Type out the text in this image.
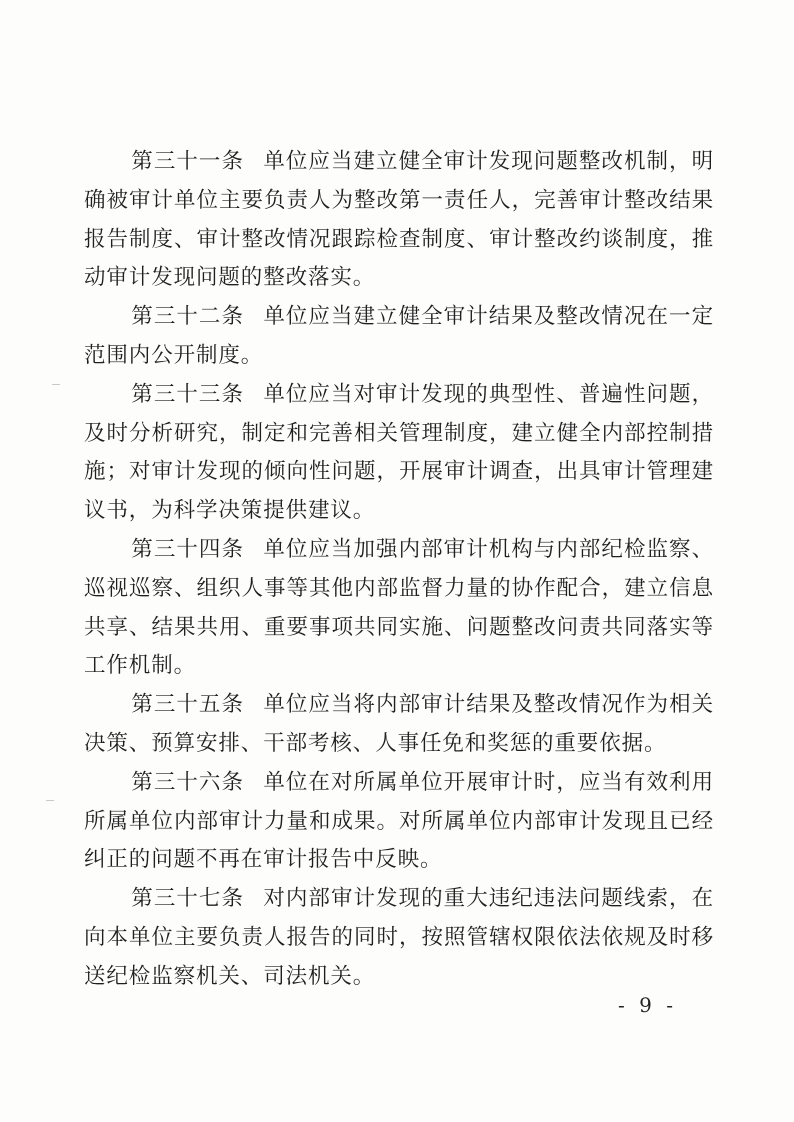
第三十一条 单位应当建立健全审计发现问题整改机制，明确被审计单位主要负责人为整改第一责任人，完善审计整改结果报告制度、审计整改情况跟踪检查制度、审计整改约谈制度，推动审计发现问题的整改落实。

第三十二条 单位应当建立健全审计结果及整改情况在一定范围内公开制度。

第三十三条 单位应当对审计发现的典型性、普遍性问题，及时分析研究，制定和完善相关管理制度，建立健全内部控制措施；对审计发现的倾向性问题，开展审计调查，出具审计管理建议书，为科学决策提供建议。

第三十四条 单位应当加强内部审计机构与内部纪检监察、巡视巡察、组织人事等其他内部监督力量的协作配合，建立信息共享、结果共用、重要事项共同实施、问题整改问责共同落实等工作机制。

第三十五条 单位应当将内部审计结果及整改情况作为相关决策、预算安排、干部考核、人事任免和奖惩的重要依据。

第三十六条 单位在对所属单位开展审计时，应当有效利用所属单位内部审计力量和成果。对所属单位内部审计发现且已经纠正的问题不再在审计报告中反映。

第三十七条 对内部审计发现的重大违纪违法问题线索，在向本单位主要负责人报告的同时，按照管辖权限依法依规及时移送纪检监察机关、司法机关。

- 9 -
